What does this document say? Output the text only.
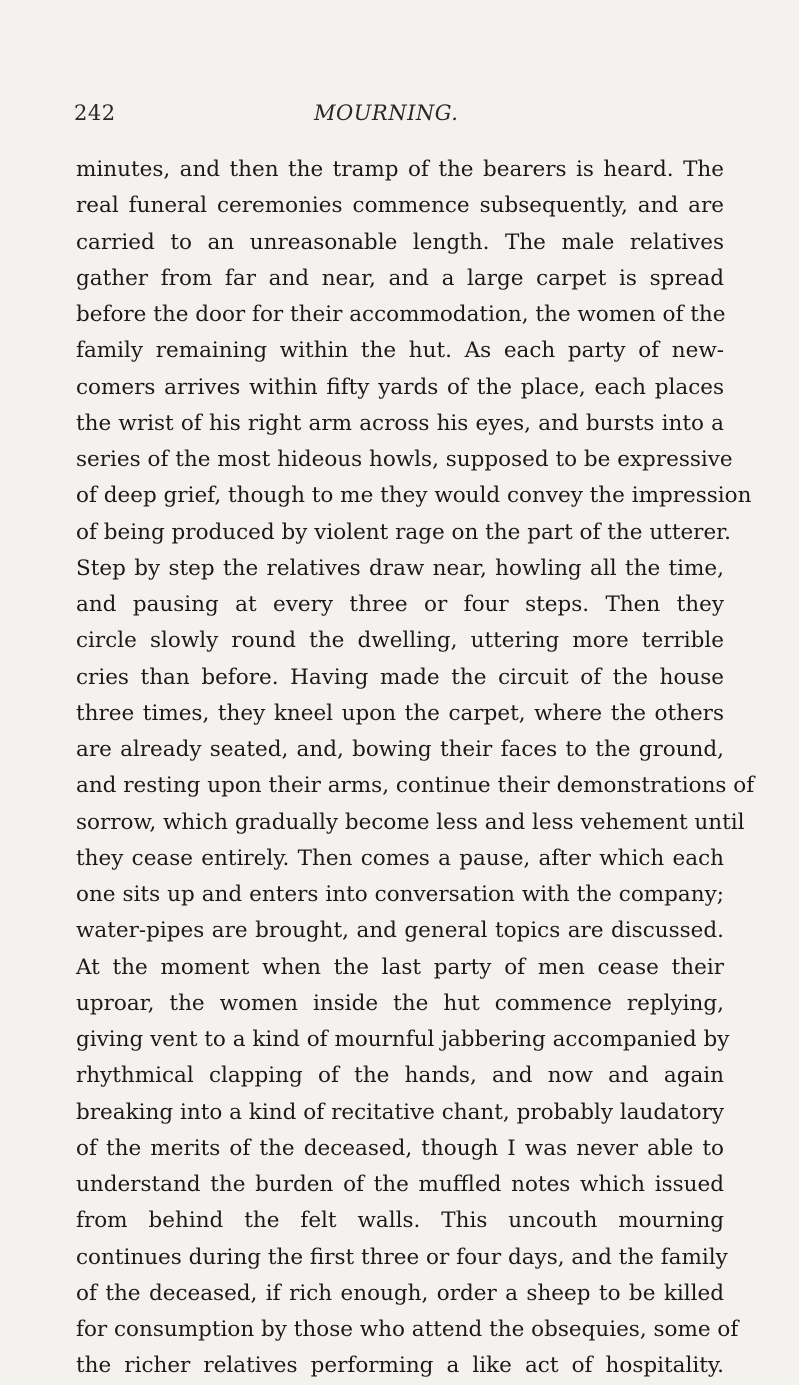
242	MOURNING.
minutes, and then the tramp of the bearers is heard. The
real funeral ceremonies commence subsequently, and are
carried to an unreasonable length. The male relatives
gather from far and near, and a large carpet is spread
before the door for their accommodation, the women of the
family remaining within the hut. As each party of new-
comers arrives within fifty yards of the place, each places
the wrist of his right arm across his eyes, and bursts into a
series of the most hideous howls, supposed to be expressive
of deep grief, though to me they would convey the impression
of being produced by violent rage on the part of the utterer.
Step by step the relatives draw near, howling all the time,
and pausing at every three or four steps. Then they
circle slowly round the dwelling, uttering more terrible
cries than before. Having made the circuit of the house
three times, they kneel upon the carpet, where the others
are already seated, and, bowing their faces to the ground,
and resting upon their arms, continue their demonstrations of
sorrow, which gradually become less and less vehement until
they cease entirely. Then comes a pause, after which each
one sits up and enters into conversation with the company;
water-pipes are brought, and general topics are discussed.
At the moment when the last party of men cease their
uproar, the women inside the hut commence replying,
giving vent to a kind of mournful jabbering accompanied by
rhythmical clapping of the hands, and now and again
breaking into a kind of recitative chant, probably laudatory
of the merits of the deceased, though I was never able to
understand the burden of the muffled notes which issued
from behind the felt walls. This uncouth mourning
continues during the first three or four days, and the family
of the deceased, if rich enough, order a sheep to be killed
for consumption by those who attend the obsequies, some of
the richer relatives performing a like act of hospitality.
